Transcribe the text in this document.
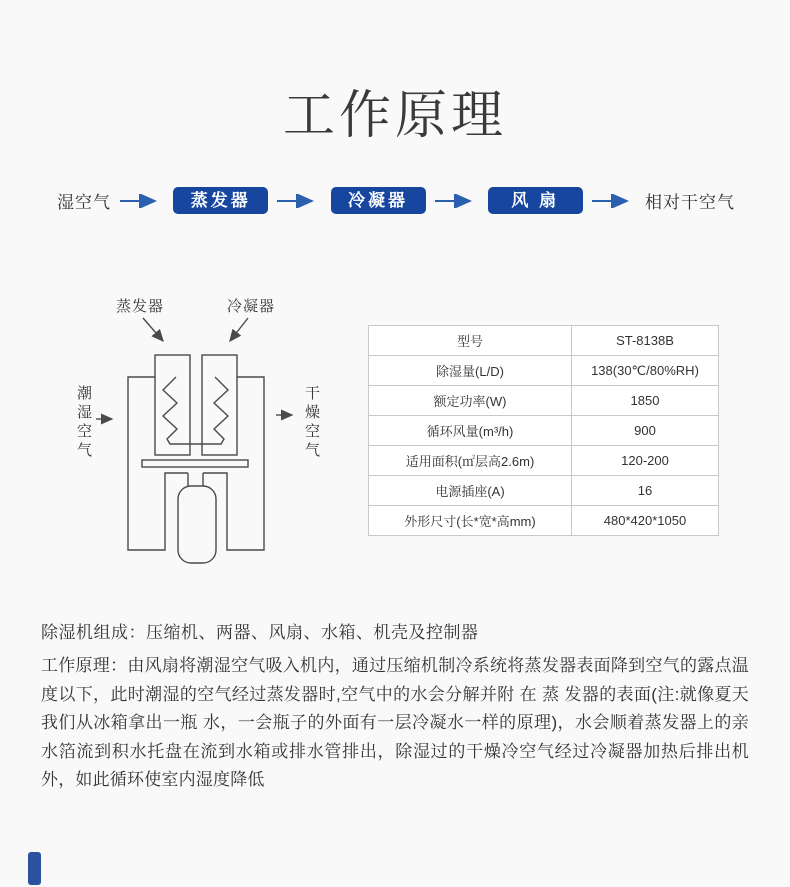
工作原理
湿空气	蒸发器	冷凝器	风 扇	相对干空气
蒸发器	冷凝器
潮湿空气	干燥空气
型号	ST-8138B
除湿量(L/D)	138(30℃/80%RH)
额定功率(W)	1850
循环风量(m³/h)	900
适用面积(㎡层高2.6m)	120-200
电源插座(A)	16
外形尺寸(长*宽*高mm)	480*420*1050

除湿机组成：压缩机、两器、风扇、水箱、机壳及控制器

工作原理：由风扇将潮湿空气吸入机内，通过压缩机制冷系统将蒸发器表面降到空气的露点温度以下，此时潮湿的空气经过蒸发器时,空气中的水会分解并附 在 蒸 发器的表面(注:就像夏天我们从冰箱拿出一瓶 水，一会瓶子的外面有一层冷凝水一样的原理)，水会顺着蒸发器上的亲水箔流到积水托盘在流到水箱或排水管排出，除湿过的干燥冷空气经过冷凝器加热后排出机外，如此循环使室内湿度降低
